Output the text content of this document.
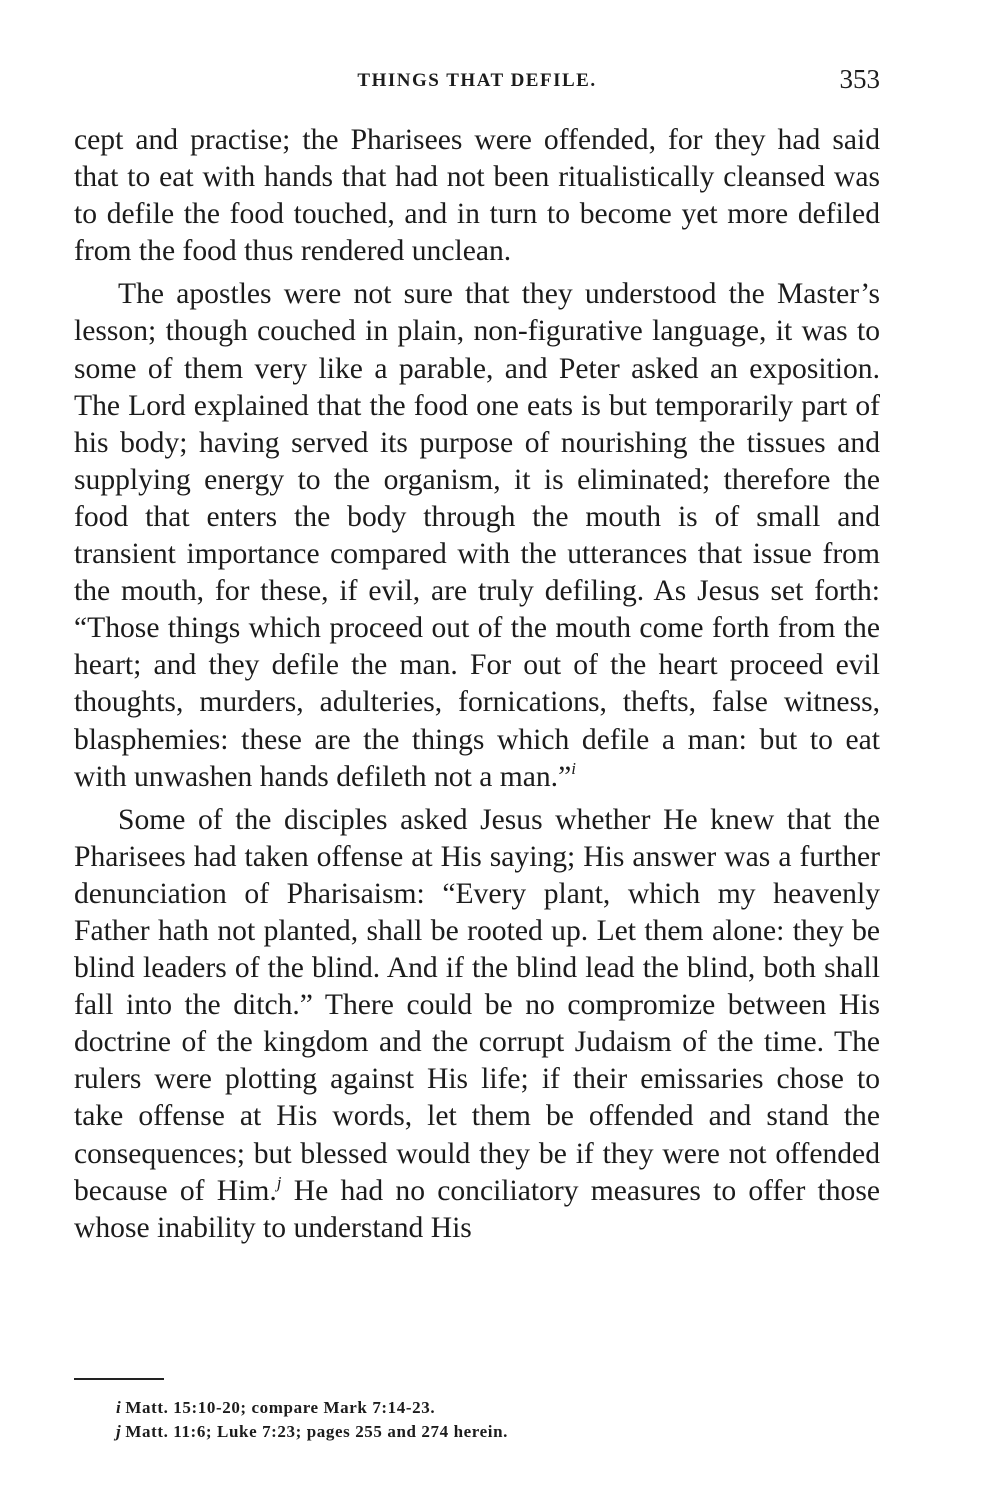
THINGS THAT DEFILE.	353

cept and practise; the Pharisees were offended, for they had said that to eat with hands that had not been ritualistically cleansed was to defile the food touched, and in turn to become yet more defiled from the food thus rendered unclean.

The apostles were not sure that they understood the Master’s lesson; though couched in plain, non-figurative language, it was to some of them very like a parable, and Peter asked an exposition. The Lord explained that the food one eats is but temporarily part of his body; having served its purpose of nourishing the tissues and supplying energy to the organism, it is eliminated; therefore the food that enters the body through the mouth is of small and transient importance compared with the utterances that issue from the mouth, for these, if evil, are truly defiling. As Jesus set forth: “Those things which proceed out of the mouth come forth from the heart; and they defile the man. For out of the heart proceed evil thoughts, murders, adulteries, fornications, thefts, false witness, blasphemies: these are the things which defile a man: but to eat with unwashen hands defileth not a man.”$^i$

Some of the disciples asked Jesus whether He knew that the Pharisees had taken offense at His saying; His answer was a further denunciation of Pharisaism: “Every plant, which my heavenly Father hath not planted, shall be rooted up. Let them alone: they be blind leaders of the blind. And if the blind lead the blind, both shall fall into the ditch.” There could be no compromize between His doctrine of the kingdom and the corrupt Judaism of the time. The rulers were plotting against His life; if their emissaries chose to take offense at His words, let them be offended and stand the consequences; but blessed would they be if they were not offended because of Him.$^j$ He had no conciliatory measures to offer those whose inability to understand His

i Matt. 15:10-20; compare Mark 7:14-23.

j Matt. 11:6; Luke 7:23; pages 255 and 274 herein.
